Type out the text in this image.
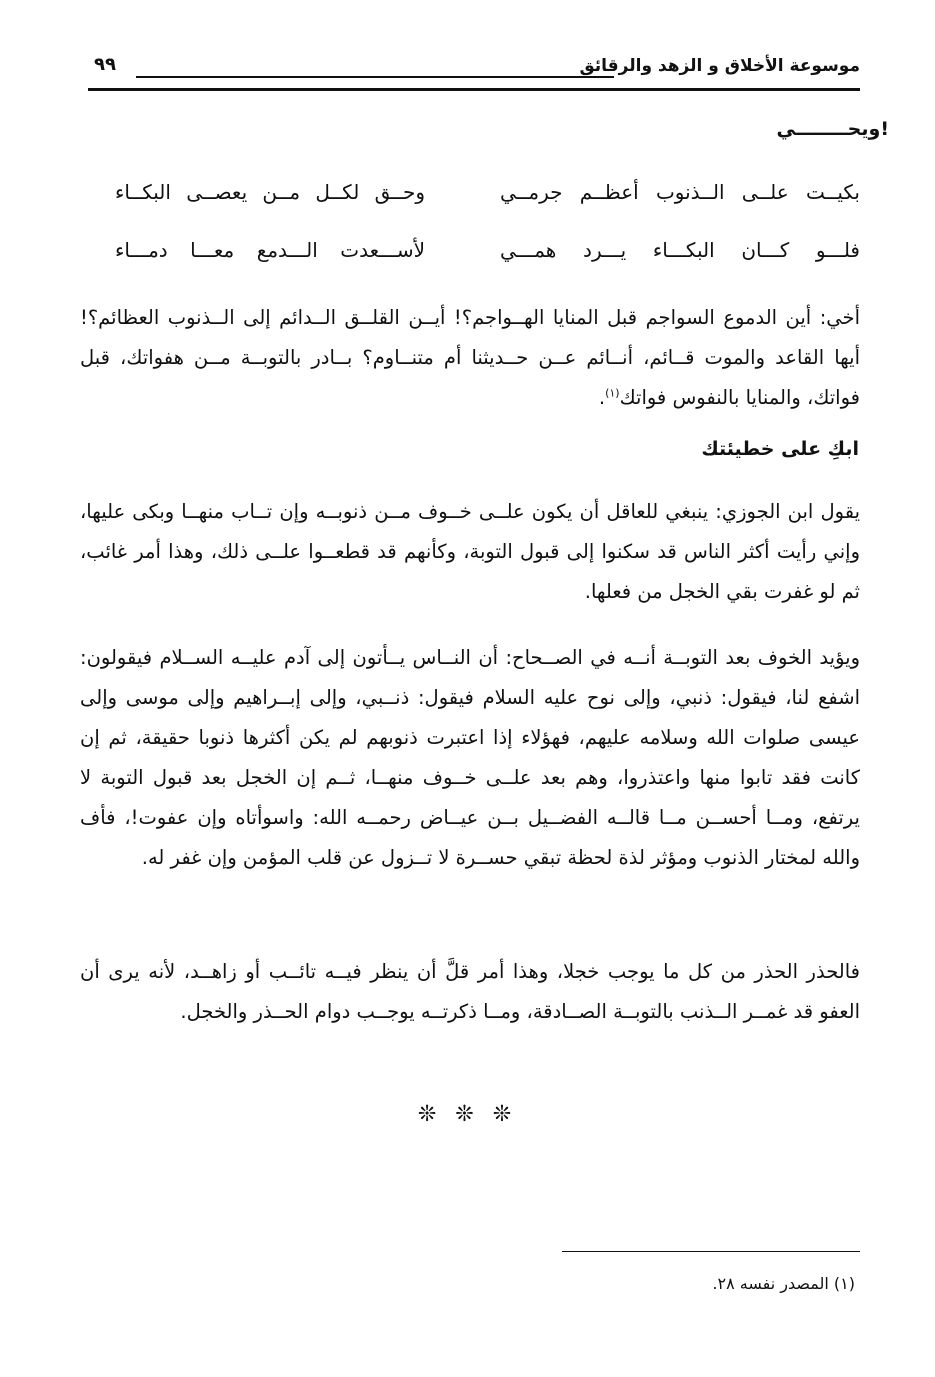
موسوعة الأخلاق و الزهد والرقائق
٩٩
ويحــــــــي!
بكيــت علــى الــذنوب أعظــم جرمــي
وحــق لكــل مــن يعصــى البكــاء
فلـــو كـــان البكـــاء يـــرد همـــي
لأســـعدت الـــدمع معـــا دمـــاء
أخي: أين الدموع السواجم قبل المنايا الهــواجم؟! أيــن القلــق الــدائم إلى الــذنوب العظائم؟! أيها القاعد والموت قــائم، أنــائم عــن حــديثنا أم متنــاوم؟ بــادر بالتوبــة مــن هفواتك، قبل فواتك، والمنايا بالنفوس فواتك$^{(١)}$.
ابكِ على خطيئتك
يقول ابن الجوزي: ينبغي للعاقل أن يكون علــى خــوف مــن ذنوبــه وإن تــاب منهــا وبكى عليها، وإني رأيت أكثر الناس قد سكنوا إلى قبول التوبة، وكأنهم قد قطعــوا علــى ذلك، وهذا أمر غائب، ثم لو غفرت بقي الخجل من فعلها.
ويؤيد الخوف بعد التوبــة أنــه في الصــحاح: أن النــاس يــأتون إلى آدم عليــه الســلام فيقولون: اشفع لنا، فيقول: ذنبي، وإلى نوح عليه السلام فيقول: ذنــبي، وإلى إبــراهيم وإلى موسى وإلى عيسى صلوات الله وسلامه عليهم، فهؤلاء إذا اعتبرت ذنوبهم لم يكن أكثرها ذنوبا حقيقة، ثم إن كانت فقد تابوا منها واعتذروا، وهم بعد علــى خــوف منهــا، ثــم إن الخجل بعد قبول التوبة لا يرتفع، ومــا أحســن مــا قالــه الفضــيل بــن عيــاض رحمــه الله: واسوأتاه وإن عفوت!، فأف والله لمختار الذنوب ومؤثر لذة لحظة تبقي حســرة لا تــزول عن قلب المؤمن وإن غفر له.
فالحذر الحذر من كل ما يوجب خجلا، وهذا أمر قلَّ أن ينظر فيــه تائــب أو زاهــد، لأنه يرى أن العفو قد غمــر الــذنب بالتوبــة الصــادقة، ومــا ذكرتــه يوجــب دوام الحــذر والخجل.
❊ ❊ ❊
(١) المصدر نفسه ٢٨.
